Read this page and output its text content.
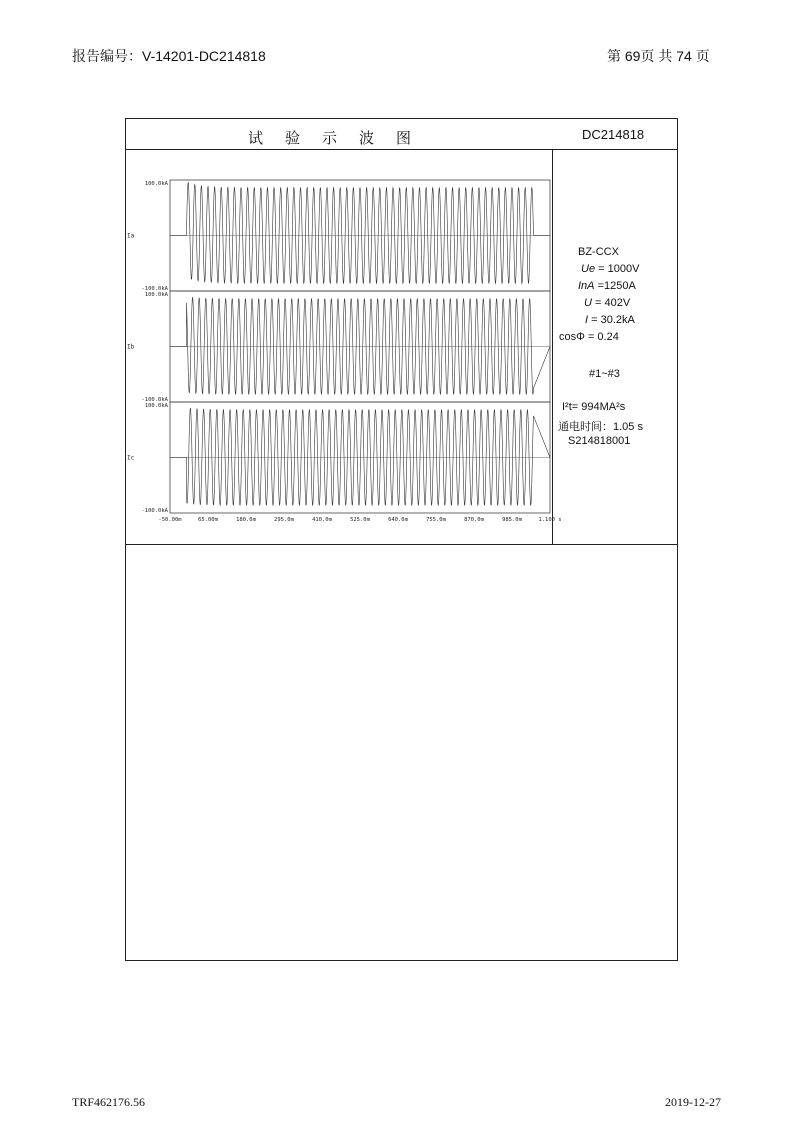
报告编号：V-14201-DC214818	第 69页 共 74 页
试验示波图	DC214818
100.0kA
-100.0kA
Ia
100.0kA
-100.0kA
Ib
100.0kA
-100.0kA
Ic
-50.00m	65.00m	180.0m	295.0m	410.0m	525.0m	640.0m	755.0m	870.0m	985.0m	1.100 s
BZ-CCX
Ue = 1000V
InA =1250A
U = 402V
I = 30.2kA
cosΦ = 0.24
#1~#3
I²t= 994MA²s
通电时间：1.05 s
S214818001
TRF462176.56	2019-12-27
